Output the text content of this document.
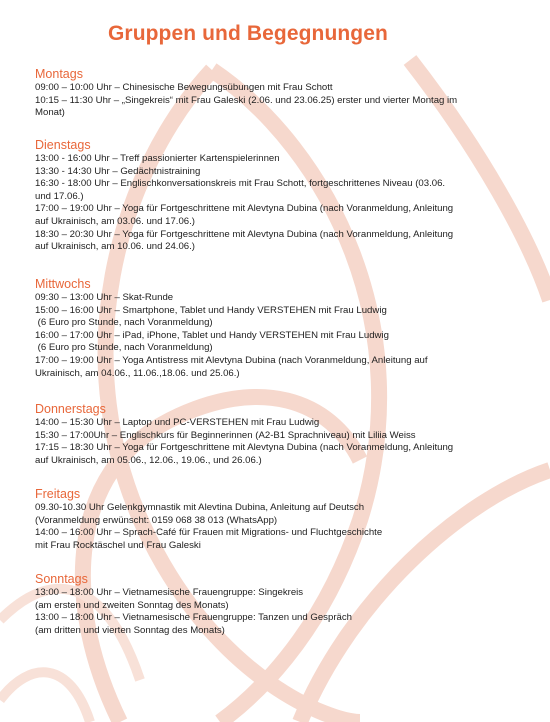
Gruppen und Begegnungen
Montags
09:00 – 10:00 Uhr – Chinesische Bewegungsübungen mit Frau Schott
10:15 – 11:30 Uhr – „Singekreis“ mit Frau Galeski (2.06. und 23.06.25) erster und vierter Montag im
Monat)
Dienstags
13:00 - 16:00 Uhr – Treff passionierter Kartenspielerinnen
13:30 - 14:30 Uhr – Gedächtnistraining
16:30 - 18:00 Uhr – Englischkonversationskreis mit Frau Schott, fortgeschrittenes Niveau (03.06.
und 17.06.)
17:00 – 19:00 Uhr – Yoga für Fortgeschrittene mit Alevtyna Dubina (nach Voranmeldung, Anleitung
auf Ukrainisch, am 03.06. und 17.06.)
18:30 – 20:30 Uhr – Yoga für Fortgeschrittene mit Alevtyna Dubina (nach Voranmeldung, Anleitung
auf Ukrainisch, am 10.06. und 24.06.)
Mittwochs
09:30 – 13:00 Uhr – Skat-Runde
15:00 – 16:00 Uhr – Smartphone, Tablet und Handy VERSTEHEN mit Frau Ludwig
(6 Euro pro Stunde, nach Voranmeldung)
16:00 – 17:00 Uhr – iPad, iPhone, Tablet und Handy VERSTEHEN mit Frau Ludwig
(6 Euro pro Stunde, nach Voranmeldung)
17:00 – 19:00 Uhr – Yoga Antistress mit Alevtyna Dubina (nach Voranmeldung, Anleitung auf
Ukrainisch, am 04.06., 11.06.,18.06. und 25.06.)
Donnerstags
14:00 – 15:30 Uhr – Laptop und PC-VERSTEHEN mit Frau Ludwig
15:30 – 17:00Uhr – Englischkurs für Beginnerinnen (A2-B1 Sprachniveau) mit Liliia Weiss
17:15 – 18:30 Uhr – Yoga für Fortgeschrittene mit Alevtyna Dubina (nach Voranmeldung, Anleitung
auf Ukrainisch, am 05.06., 12.06., 19.06., und 26.06.)
Freitags
09.30-10.30 Uhr Gelenkgymnastik mit Alevtina Dubina, Anleitung auf Deutsch
(Voranmeldung erwünscht: 0159 068 38 013 (WhatsApp)
14:00 – 16:00 Uhr – Sprach-Café für Frauen mit Migrations- und Fluchtgeschichte
mit Frau Rocktäschel und Frau Galeski
Sonntags
13:00 – 18:00 Uhr – Vietnamesische Frauengruppe: Singekreis
(am ersten und zweiten Sonntag des Monats)
13:00 – 18:00 Uhr – Vietnamesische Frauengruppe: Tanzen und Gespräch
(am dritten und vierten Sonntag des Monats)
